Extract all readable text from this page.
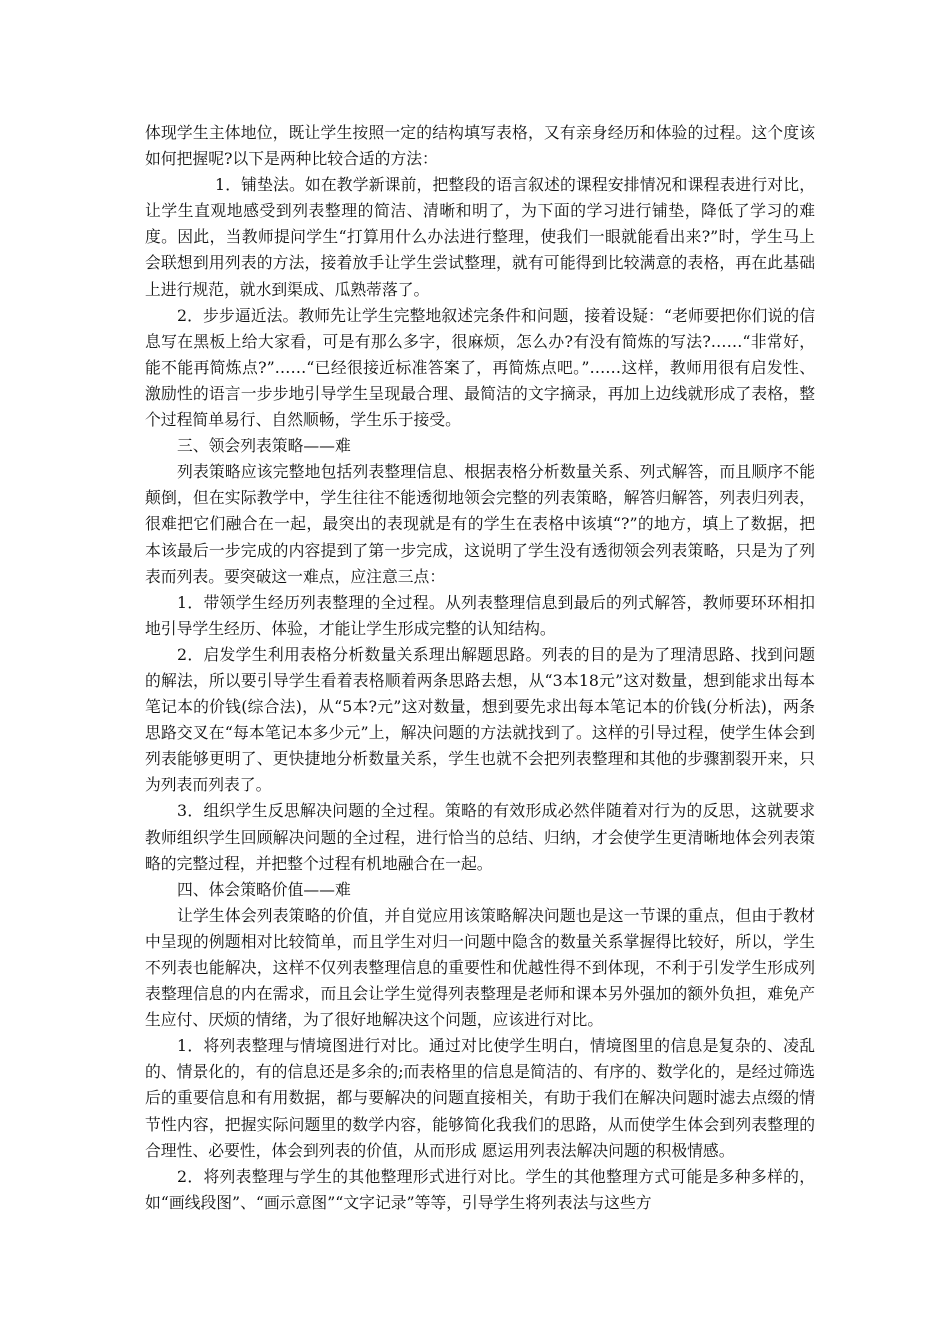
体现学生主体地位，既让学生按照一定的结构填写表格，又有亲身经历和体验的过程。这个度该如何把握呢?以下是两种比较合适的方法：

1．铺垫法。如在教学新课前，把整段的语言叙述的课程安排情况和课程表进行对比，让学生直观地感受到列表整理的简洁、清晰和明了，为下面的学习进行铺垫，降低了学习的难度。因此，当教师提问学生“打算用什么办法进行整理，使我们一眼就能看出来?”时，学生马上会联想到用列表的方法，接着放手让学生尝试整理，就有可能得到比较满意的表格，再在此基础上进行规范，就水到渠成、瓜熟蒂落了。

2．步步逼近法。教师先让学生完整地叙述完条件和问题，接着设疑：“老师要把你们说的信息写在黑板上给大家看，可是有那么多字，很麻烦，怎么办?有没有简炼的写法?……“非常好，能不能再简炼点?”……“已经很接近标准答案了，再简炼点吧。”……这样，教师用很有启发性、激励性的语言一步步地引导学生呈现最合理、最简洁的文字摘录，再加上边线就形成了表格，整个过程简单易行、自然顺畅，学生乐于接受。

三、领会列表策略——难

列表策略应该完整地包括列表整理信息、根据表格分析数量关系、列式解答，而且顺序不能颠倒，但在实际教学中，学生往往不能透彻地领会完整的列表策略，解答归解答，列表归列表，很难把它们融合在一起，最突出的表现就是有的学生在表格中该填“?”的地方，填上了数据，把本该最后一步完成的内容提到了第一步完成，这说明了学生没有透彻领会列表策略，只是为了列表而列表。要突破这一难点，应注意三点：

1．带领学生经历列表整理的全过程。从列表整理信息到最后的列式解答，教师要环环相扣地引导学生经历、体验，才能让学生形成完整的认知结构。

2．启发学生利用表格分析数量关系理出解题思路。列表的目的是为了理清思路、找到问题的解法，所以要引导学生看着表格顺着两条思路去想，从“3本18元”这对数量，想到能求出每本笔记本的价钱(综合法)，从“5本?元”这对数量，想到要先求出每本笔记本的价钱(分析法)，两条思路交叉在“每本笔记本多少元”上，解决问题的方法就找到了。这样的引导过程，使学生体会到列表能够更明了、更快捷地分析数量关系，学生也就不会把列表整理和其他的步骤割裂开来，只为列表而列表了。

3．组织学生反思解决问题的全过程。策略的有效形成必然伴随着对行为的反思，这就要求教师组织学生回顾解决问题的全过程，进行恰当的总结、归纳，才会使学生更清晰地体会列表策略的完整过程，并把整个过程有机地融合在一起。

四、体会策略价值——难

让学生体会列表策略的价值，并自觉应用该策略解决问题也是这一节课的重点，但由于教材中呈现的例题相对比较简单，而且学生对归一问题中隐含的数量关系掌握得比较好，所以，学生不列表也能解决，这样不仅列表整理信息的重要性和优越性得不到体现，不利于引发学生形成列表整理信息的内在需求，而且会让学生觉得列表整理是老师和课本另外强加的额外负担，难免产生应付、厌烦的情绪，为了很好地解决这个问题，应该进行对比。

1．将列表整理与情境图进行对比。通过对比使学生明白，情境图里的信息是复杂的、凌乱的、情景化的，有的信息还是多余的;而表格里的信息是简洁的、有序的、数学化的，是经过筛选后的重要信息和有用数据，都与要解决的问题直接相关，有助于我们在解决问题时滤去点缀的情节性内容，把握实际问题里的数学内容，能够简化我我们的思路，从而使学生体会到列表整理的合理性、必要性，体会到列表的价值，从而形成 愿运用列表法解决问题的积极情感。

2．将列表整理与学生的其他整理形式进行对比。学生的其他整理方式可能是多种多样的，如“画线段图”、“画示意图”“文字记录”等等，引导学生将列表法与这些方
